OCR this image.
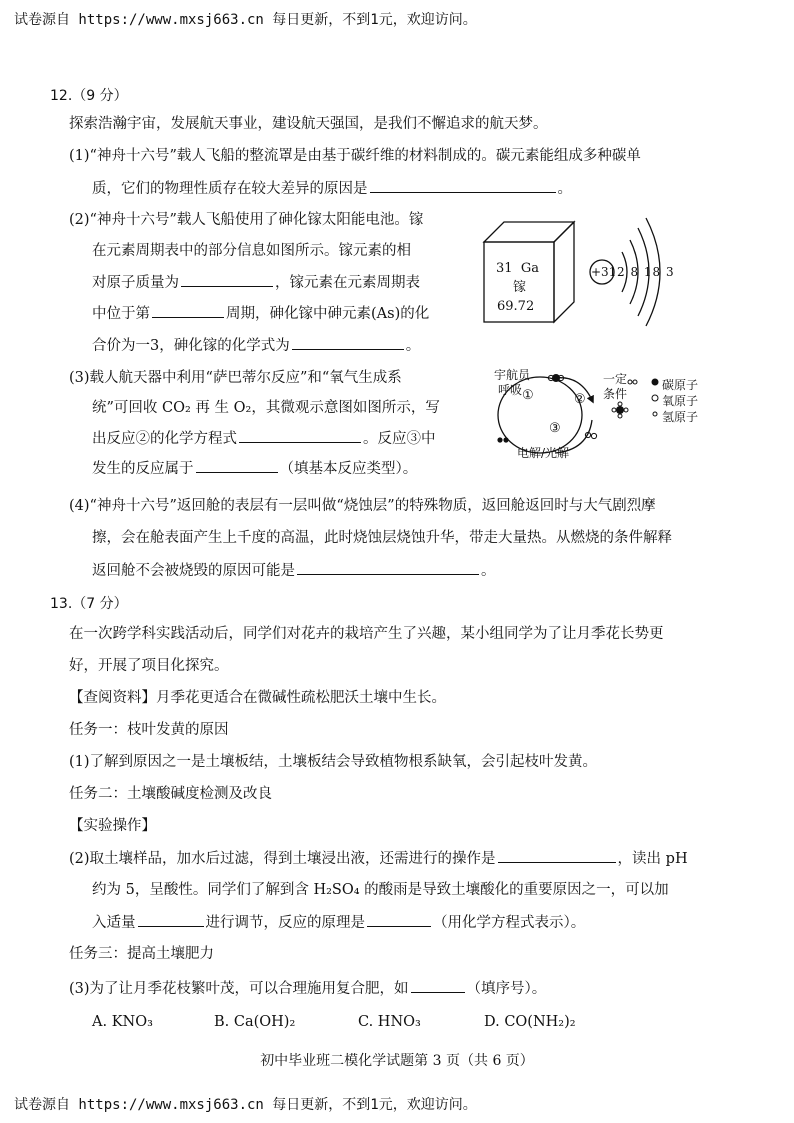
试卷源自 https://www.mxsj663.cn 每日更新，不到1元，欢迎访问。
12.（9 分）
探索浩瀚宇宙，发展航天事业，建设航天强国，是我们不懈追求的航天梦。
(1)“神舟十六号”载人飞船的整流罩是由基于碳纤维的材料制成的。碳元素能组成多种碳单
质，它们的物理性质存在较大差异的原因是	。
(2)“神舟十六号”载人飞船使用了砷化镓太阳能电池。镓
在元素周期表中的部分信息如图所示。镓元素的相
对原子质量为	，镓元素在元素周期表
中位于第	周期，砷化镓中砷元素(As)的化
合价为一3，砷化镓的化学式为	。
31 Ga
镓
69.72
+31 2 8 18 3
(3)载人航天器中利用“萨巴蒂尔反应”和“氧气生成系
统”可回收 CO₂ 再 生 O₂，其微观示意图如图所示，写
出反应②的化学方程式	。反应③中
发生的反应属于	（填基本反应类型）。
宇航员
呼吸
一定
条件
①	②
③
电解/光解
碳原子
氧原子
氢原子
(4)“神舟十六号”返回舱的表层有一层叫做“烧蚀层”的特殊物质，返回舱返回时与大气剧烈摩
擦，会在舱表面产生上千度的高温，此时烧蚀层烧蚀升华，带走大量热。从燃烧的条件解释
返回舱不会被烧毁的原因可能是	。
13.（7 分）
在一次跨学科实践活动后，同学们对花卉的栽培产生了兴趣，某小组同学为了让月季花长势更
好，开展了项目化探究。
【查阅资料】月季花更适合在微碱性疏松肥沃土壤中生长。
任务一：枝叶发黄的原因
(1)了解到原因之一是土壤板结，土壤板结会导致植物根系缺氧，会引起枝叶发黄。
任务二：土壤酸碱度检测及改良
【实验操作】
(2)取土壤样品，加水后过滤，得到土壤浸出液，还需进行的操作是	，读出 pH
约为 5，呈酸性。同学们了解到含 H₂SO₄ 的酸雨是导致土壤酸化的重要原因之一，可以加
入适量	进行调节，反应的原理是	（用化学方程式表示）。
任务三：提高土壤肥力
(3)为了让月季花枝繁叶茂，可以合理施用复合肥，如	（填序号）。
A. KNO₃	B. Ca(OH)₂	C. HNO₃	D. CO(NH₂)₂
初中毕业班二模化学试题第 3 页（共 6 页）
试卷源自 https://www.mxsj663.cn 每日更新，不到1元，欢迎访问。
